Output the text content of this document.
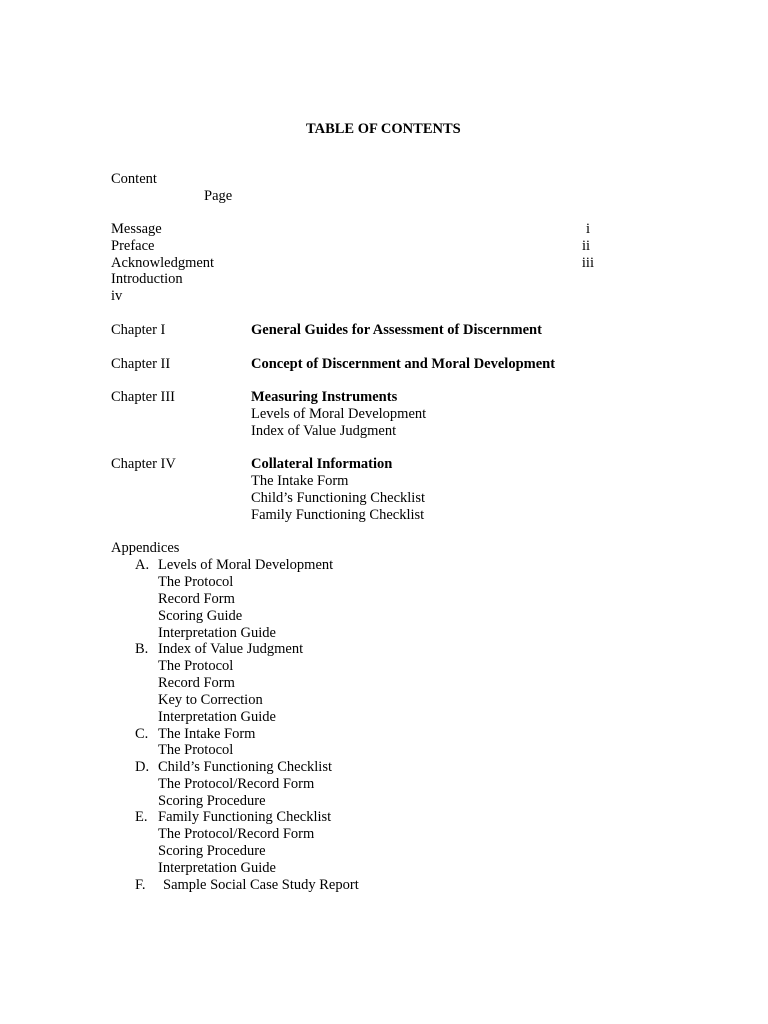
TABLE OF CONTENTS
Content
Page
Message	i
Preface	ii
Acknowledgment	iii
Introduction
iv
Chapter I	General Guides for Assessment of Discernment
Chapter II	Concept of Discernment and Moral Development
Chapter III	Measuring Instruments
Levels of Moral Development
Index of Value Judgment
Chapter IV	Collateral Information
The Intake Form
Child’s Functioning Checklist
Family Functioning Checklist
Appendices
A. Levels of Moral Development
The Protocol
Record Form
Scoring Guide
Interpretation Guide
B. Index of Value Judgment
The Protocol
Record Form
Key to Correction
Interpretation Guide
C. The Intake Form
The Protocol
D. Child’s Functioning Checklist
The Protocol/Record Form
Scoring Procedure
E. Family Functioning Checklist
The Protocol/Record Form
Scoring Procedure
Interpretation Guide
F. Sample Social Case Study Report
